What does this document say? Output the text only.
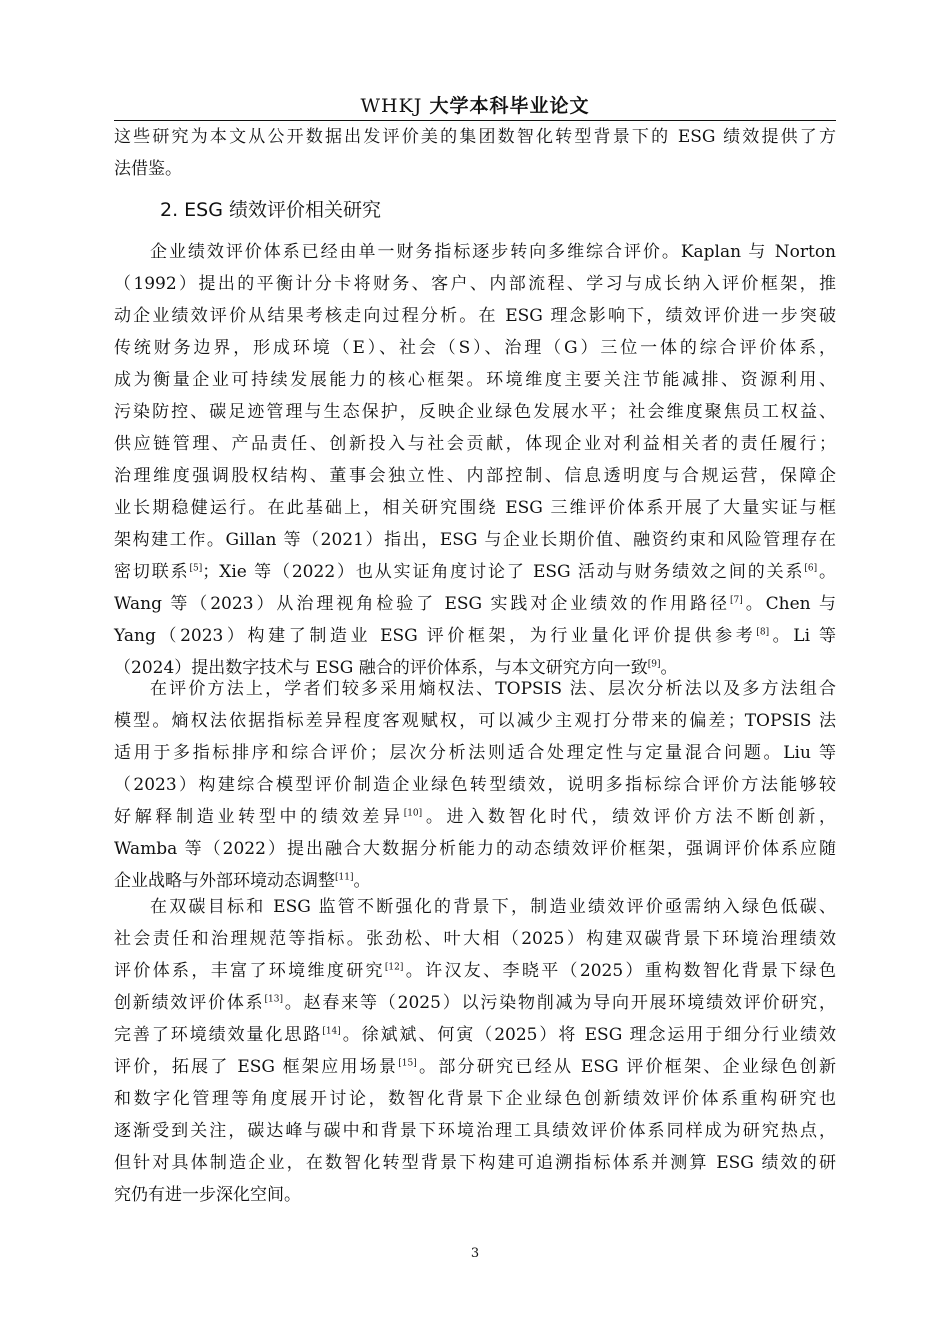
WHKJ 大学本科毕业论文
这些研究为本文从公开数据出发评价美的集团数智化转型背景下的 ESG 绩效提供了方
法借鉴。
2. ESG 绩效评价相关研究
企业绩效评价体系已经由单一财务指标逐步转向多维综合评价。Kaplan 与 Norton
（1992）提出的平衡计分卡将财务、客户、内部流程、学习与成长纳入评价框架，推
动企业绩效评价从结果考核走向过程分析。在 ESG 理念影响下，绩效评价进一步突破
传统财务边界，形成环境（E）、社会（S）、治理（G）三位一体的综合评价体系，
成为衡量企业可持续发展能力的核心框架。环境维度主要关注节能减排、资源利用、
污染防控、碳足迹管理与生态保护，反映企业绿色发展水平；社会维度聚焦员工权益、
供应链管理、产品责任、创新投入与社会贡献，体现企业对利益相关者的责任履行；
治理维度强调股权结构、董事会独立性、内部控制、信息透明度与合规运营，保障企
业长期稳健运行。在此基础上，相关研究围绕 ESG 三维评价体系开展了大量实证与框
架构建工作。Gillan 等（2021）指出，ESG 与企业长期价值、融资约束和风险管理存在
密切联系[5]；Xie 等（2022）也从实证角度讨论了 ESG 活动与财务绩效之间的关系[6]。
Wang 等（2023）从治理视角检验了 ESG 实践对企业绩效的作用路径[7]。Chen 与
Yang（2023）构建了制造业 ESG 评价框架，为行业量化评价提供参考[8]。Li 等
（2024）提出数字技术与 ESG 融合的评价体系，与本文研究方向一致[9]。
在评价方法上，学者们较多采用熵权法、TOPSIS 法、层次分析法以及多方法组合
模型。熵权法依据指标差异程度客观赋权，可以减少主观打分带来的偏差；TOPSIS 法
适用于多指标排序和综合评价；层次分析法则适合处理定性与定量混合问题。Liu 等
（2023）构建综合模型评价制造企业绿色转型绩效，说明多指标综合评价方法能够较
好解释制造业转型中的绩效差异[10]。进入数智化时代，绩效评价方法不断创新，
Wamba 等（2022）提出融合大数据分析能力的动态绩效评价框架，强调评价体系应随
企业战略与外部环境动态调整[11]。
在双碳目标和 ESG 监管不断强化的背景下，制造业绩效评价亟需纳入绿色低碳、
社会责任和治理规范等指标。张劲松、叶大相（2025）构建双碳背景下环境治理绩效
评价体系，丰富了环境维度研究[12]。许汉友、李晓平（2025）重构数智化背景下绿色
创新绩效评价体系[13]。赵春来等（2025）以污染物削减为导向开展环境绩效评价研究，
完善了环境绩效量化思路[14]。徐斌斌、何寅（2025）将 ESG 理念运用于细分行业绩效
评价，拓展了 ESG 框架应用场景[15]。部分研究已经从 ESG 评价框架、企业绿色创新
和数字化管理等角度展开讨论，数智化背景下企业绿色创新绩效评价体系重构研究也
逐渐受到关注，碳达峰与碳中和背景下环境治理工具绩效评价体系同样成为研究热点，
但针对具体制造企业，在数智化转型背景下构建可追溯指标体系并测算 ESG 绩效的研
究仍有进一步深化空间。
3
